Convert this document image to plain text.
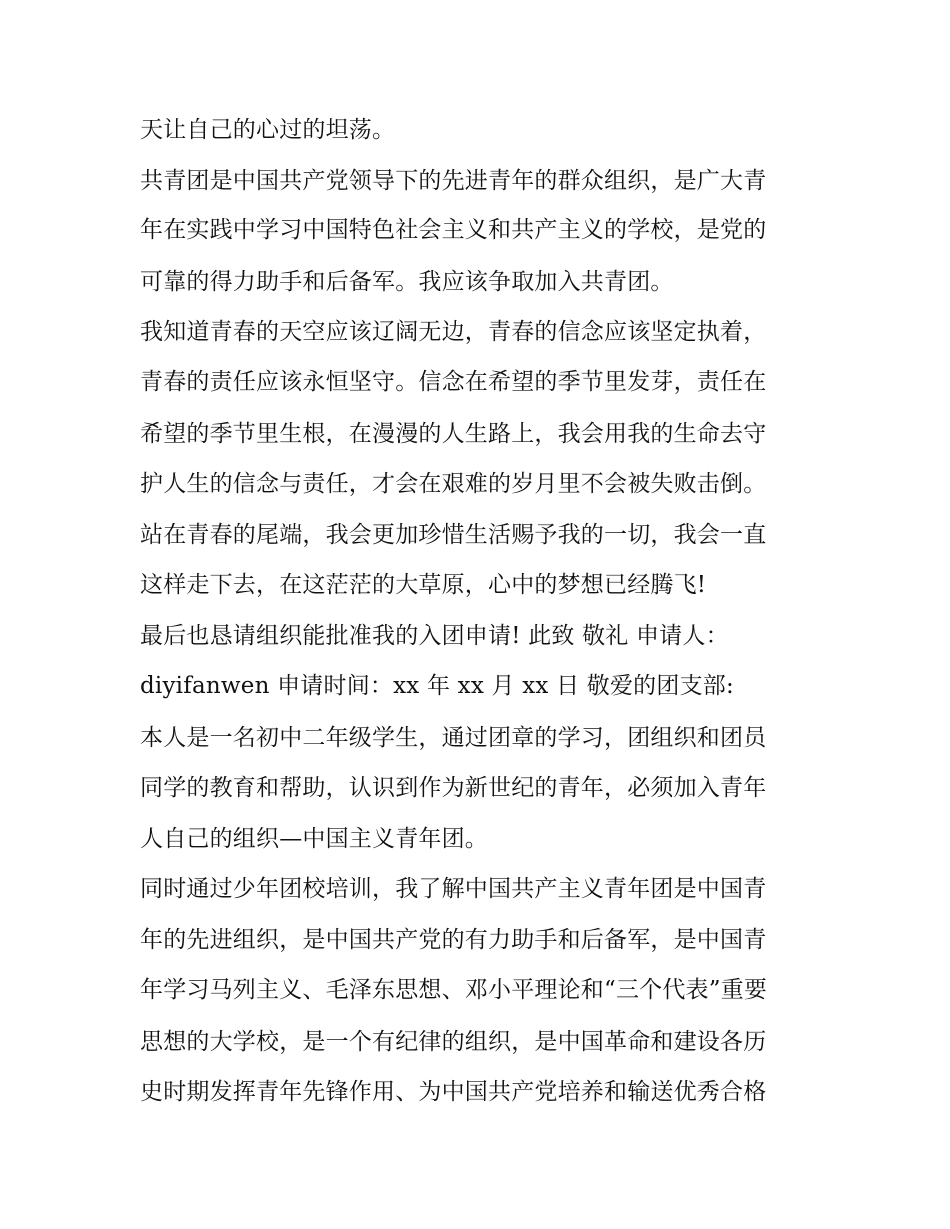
天让自己的心过的坦荡。

共青团是中国共产党领导下的先进青年的群众组织，是广大青

年在实践中学习中国特色社会主义和共产主义的学校，是党的

可靠的得力助手和后备军。我应该争取加入共青团。

我知道青春的天空应该辽阔无边，青春的信念应该坚定执着，

青春的责任应该永恒坚守。信念在希望的季节里发芽，责任在

希望的季节里生根，在漫漫的人生路上，我会用我的生命去守

护人生的信念与责任，才会在艰难的岁月里不会被失败击倒。

站在青春的尾端，我会更加珍惜生活赐予我的一切，我会一直

这样走下去，在这茫茫的大草原，心中的梦想已经腾飞!

最后也恳请组织能批准我的入团申请! 此致 敬礼 申请人：

diyifanwen 申请时间：xx 年 xx 月 xx 日 敬爱的团支部:

本人是一名初中二年级学生，通过团章的学习，团组织和团员

同学的教育和帮助，认识到作为新世纪的青年，必须加入青年

人自己的组织—中国主义青年团。

同时通过少年团校培训，我了解中国共产主义青年团是中国青

年的先进组织，是中国共产党的有力助手和后备军，是中国青

年学习马列主义、毛泽东思想、邓小平理论和“三个代表”重要

思想的大学校，是一个有纪律的组织，是中国革命和建设各历

史时期发挥青年先锋作用、为中国共产党培养和输送优秀合格
